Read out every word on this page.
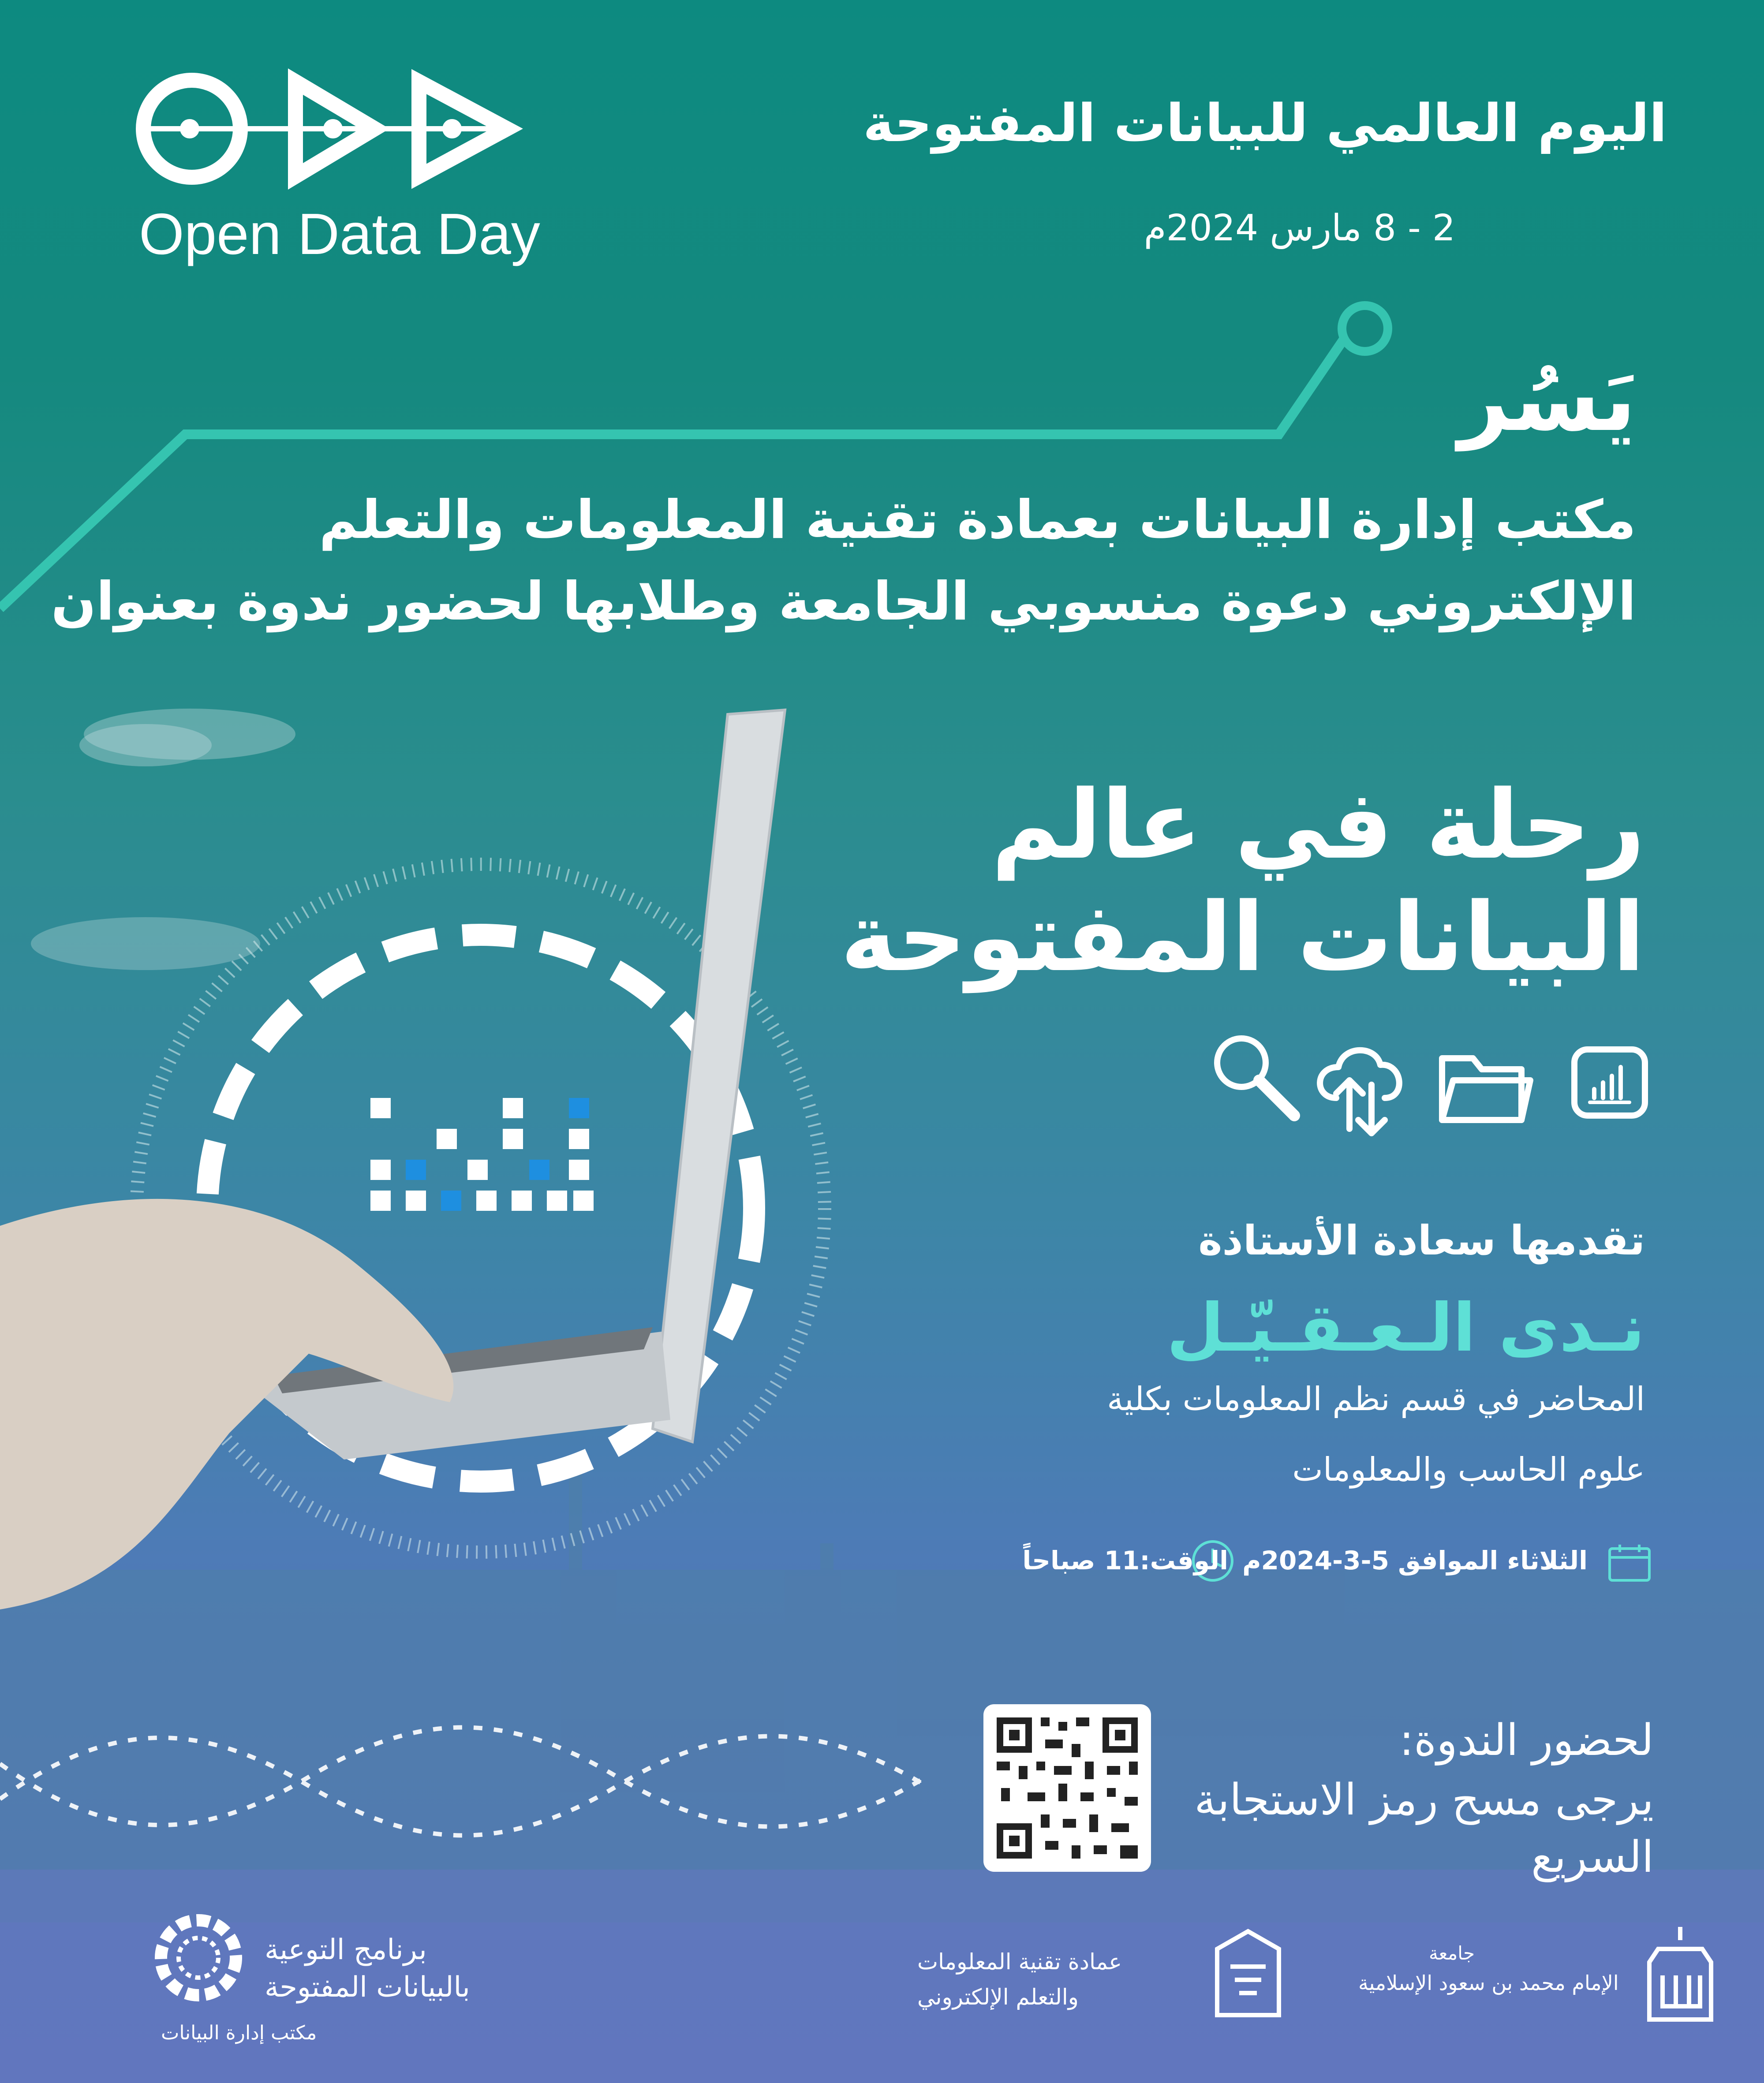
Open Data Day
اليوم العالمي للبيانات المفتوحة
2 - 8 مارس 2024م
يَسُر
مكتب إدارة البيانات بعمادة تقنية المعلومات والتعلم
الإلكتروني دعوة منسوبي الجامعة وطلابها لحضور ندوة بعنوان
رحلة في عالم
البيانات المفتوحة
تقدمها سعادة الأستاذة
نـدى الـعـقـيّـل
المحاضر في قسم نظم المعلومات بكلية
علوم الحاسب والمعلومات
الثلاثاء الموافق 5-3-2024م
الوقت:11 صباحاً
لحضور الندوة:
يرجى مسح رمز الاستجابة
السريع
برنامج التوعية
بالبيانات المفتوحة
مكتب إدارة البيانات
عمادة تقنية المعلومات
والتعلم الإلكتروني
جامعة
الإمام محمد بن سعود الإسلامية
